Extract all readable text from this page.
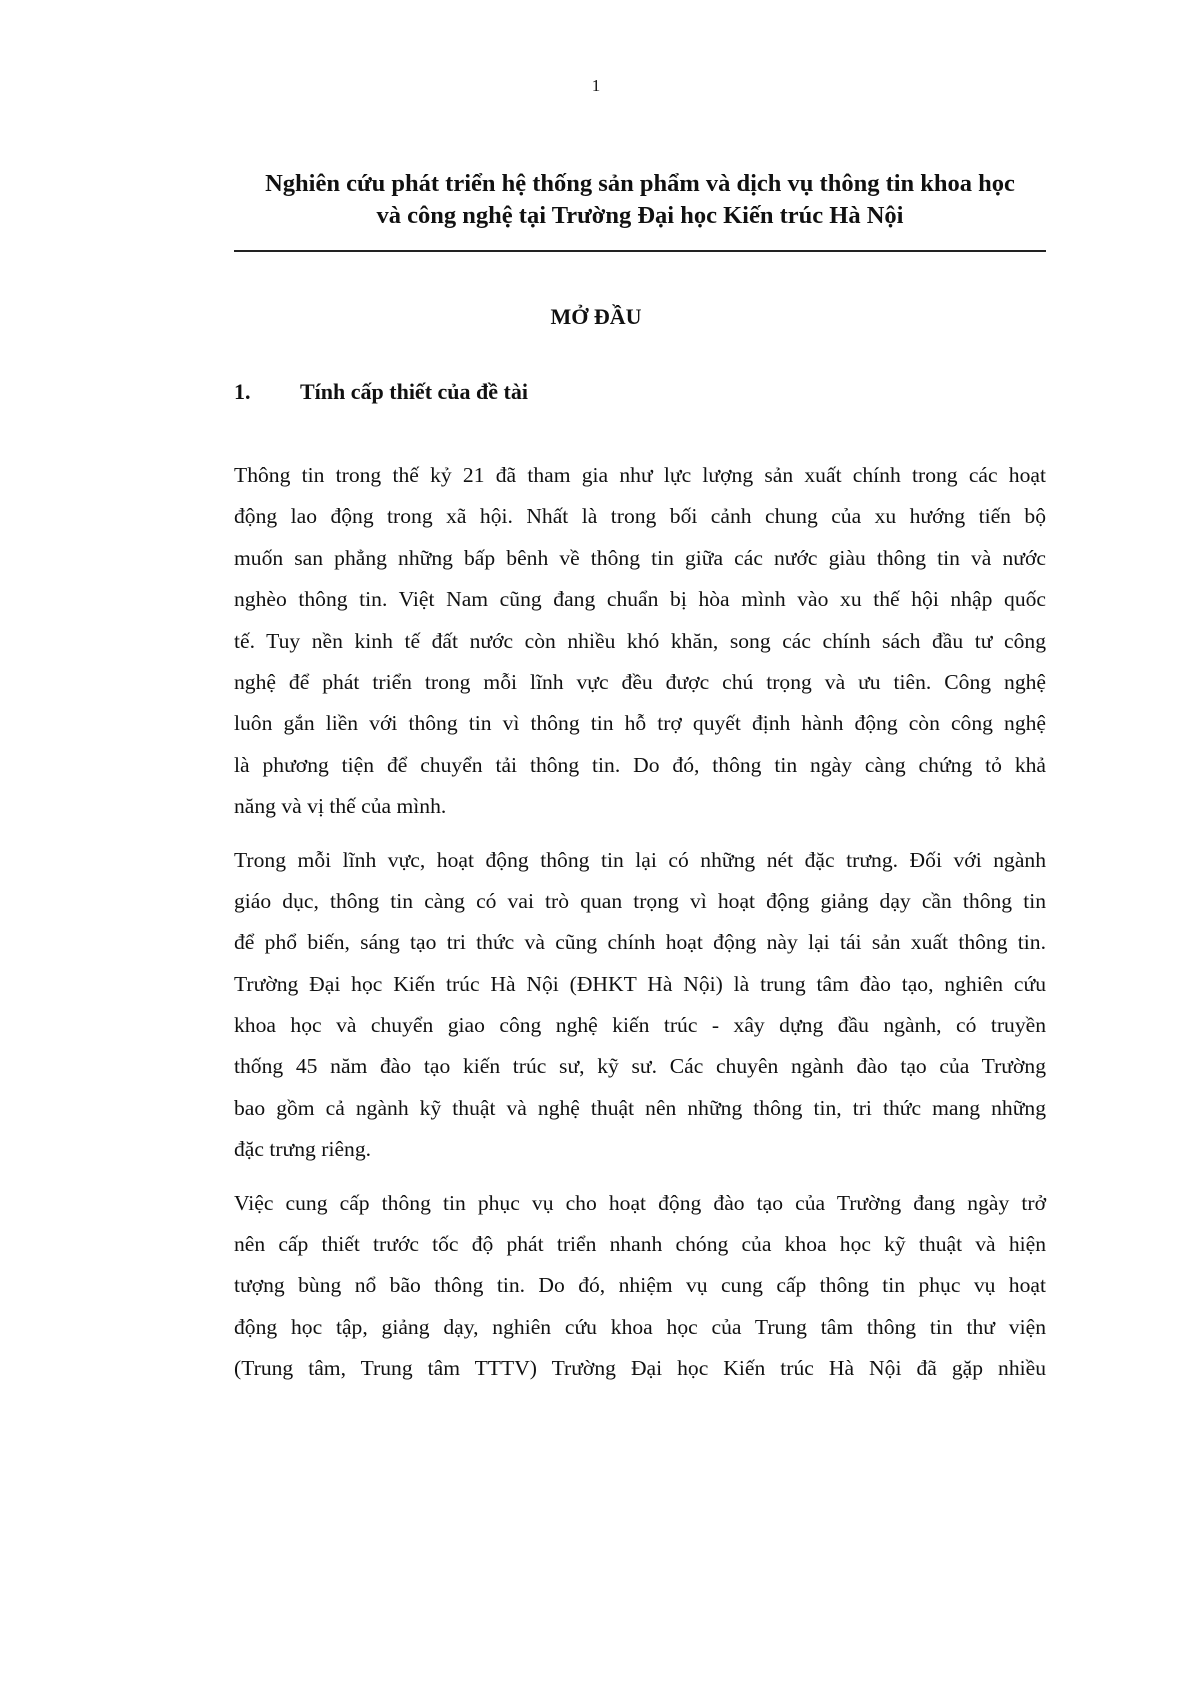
1
Nghiên cứu phát triển hệ thống sản phẩm và dịch vụ thông tin khoa học
và công nghệ tại Trường Đại học Kiến trúc Hà Nội
MỞ ĐẦU
1. Tính cấp thiết của đề tài

Thông tin trong thế kỷ 21 đã tham gia như lực lượng sản xuất chính trong các hoạt
động lao động trong xã hội. Nhất là trong bối cảnh chung của xu hướng tiến bộ
muốn san phẳng những bấp bênh về thông tin giữa các nước giàu thông tin và nước
nghèo thông tin. Việt Nam cũng đang chuẩn bị hòa mình vào xu thế hội nhập quốc
tế. Tuy nền kinh tế đất nước còn nhiều khó khăn, song các chính sách đầu tư công
nghệ để phát triển trong mỗi lĩnh vực đều được chú trọng và ưu tiên. Công nghệ
luôn gắn liền với thông tin vì thông tin hỗ trợ quyết định hành động còn công nghệ
là phương tiện để chuyển tải thông tin. Do đó, thông tin ngày càng chứng tỏ khả
năng và vị thế của mình.

Trong mỗi lĩnh vực, hoạt động thông tin lại có những nét đặc trưng. Đối với ngành
giáo dục, thông tin càng có vai trò quan trọng vì hoạt động giảng dạy cần thông tin
để phổ biến, sáng tạo tri thức và cũng chính hoạt động này lại tái sản xuất thông tin.
Trường Đại học Kiến trúc Hà Nội (ĐHKT Hà Nội) là trung tâm đào tạo, nghiên cứu
khoa học và chuyển giao công nghệ kiến trúc - xây dựng đầu ngành, có truyền
thống 45 năm đào tạo kiến trúc sư, kỹ sư. Các chuyên ngành đào tạo của Trường
bao gồm cả ngành kỹ thuật và nghệ thuật nên những thông tin, tri thức mang những
đặc trưng riêng.

Việc cung cấp thông tin phục vụ cho hoạt động đào tạo của Trường đang ngày trở
nên cấp thiết trước tốc độ phát triển nhanh chóng của khoa học kỹ thuật và hiện
tượng bùng nổ bão thông tin. Do đó, nhiệm vụ cung cấp thông tin phục vụ hoạt
động học tập, giảng dạy, nghiên cứu khoa học của Trung tâm thông tin thư viện
(Trung tâm, Trung tâm TTTV) Trường Đại học Kiến trúc Hà Nội đã gặp nhiều
